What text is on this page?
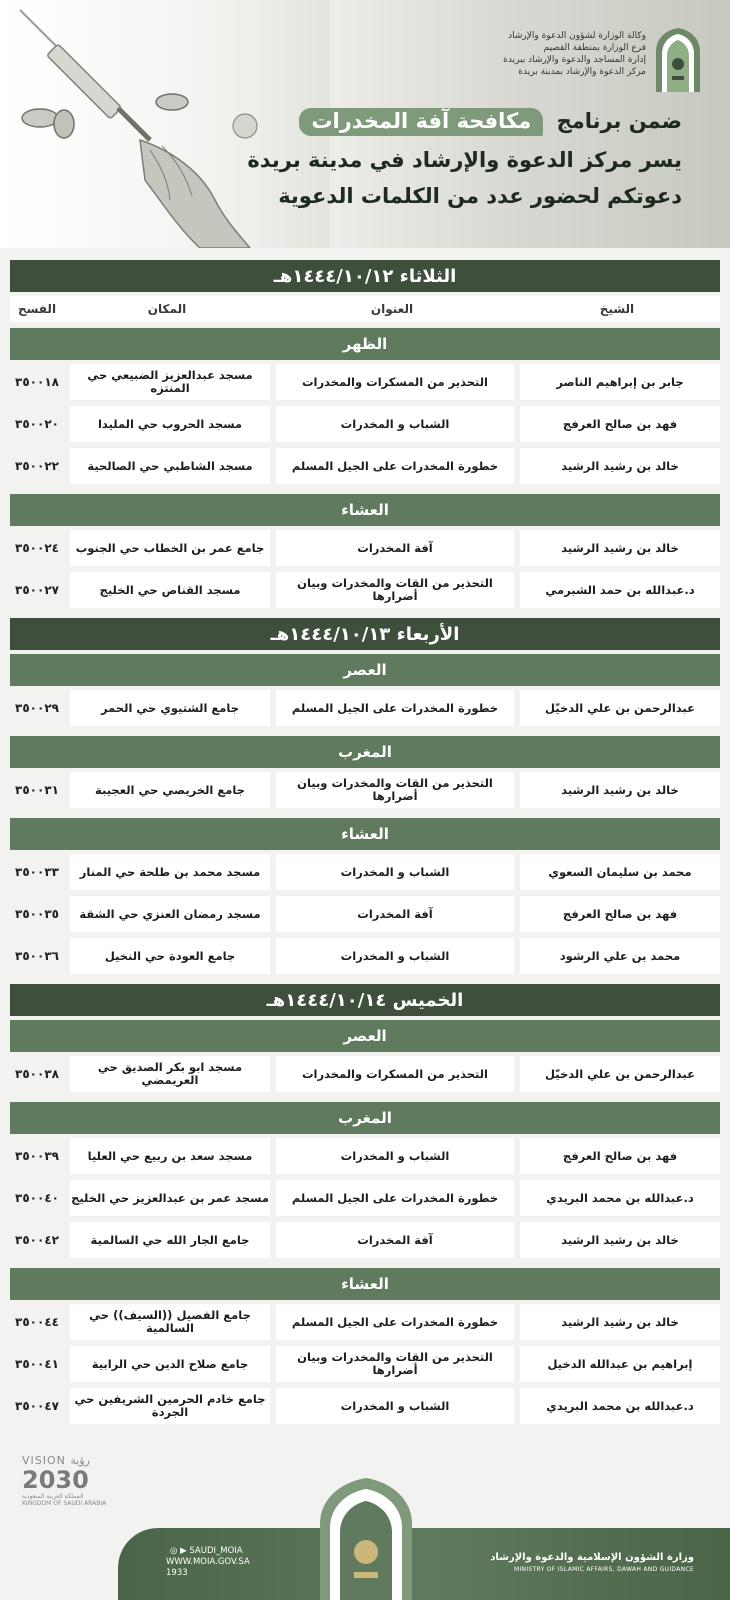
وكالة الوزارة لشؤون الدعوة والإرشاد
فرع الوزارة بمنطقة القصيم
إدارة المساجد والدعوة والإرشاد ببريدة
مركز الدعوة والإرشاد بمدينة بريدة
ضمن برنامج مكافحة آفة المخدرات
يسر مركز الدعوة والإرشاد في مدينة بريدة
دعوتكم لحضور عدد من الكلمات الدعوية
الثلاثاء ١٤٤٤/١٠/١٢هـ
الشيخ
العنوان
المكان
الفسح
الظهر
جابر بن إبراهيم الناصر
التحذير من المسكرات والمخدرات
مسجد عبدالعزيز الضبيعي حي المنتزه
٣٥٠٠١٨
فهد بن صالح العرفج
الشباب و المخدرات
مسجد الحروب حي المليدا
٣٥٠٠٢٠
خالد بن رشيد الرشيد
خطورة المخدرات على الجيل المسلم
مسجد الشاطبي حي الصالحية
٣٥٠٠٢٢
العشاء
خالد بن رشيد الرشيد
آفة المخدرات
جامع عمر بن الخطاب حي الجنوب
٣٥٠٠٢٤
د.عبدالله بن حمد الشبرمي
التحذير من القات والمخدرات وبيان أضرارها
مسجد القناص حي الخليج
٣٥٠٠٢٧
الأربعاء ١٤٤٤/١٠/١٣هـ
العصر
عبدالرحمن بن علي الدخيّل
خطورة المخدرات على الجيل المسلم
جامع الشتيوي حي الحمر
٣٥٠٠٢٩
المغرب
خالد بن رشيد الرشيد
التحذير من القات والمخدرات وبيان أضرارها
جامع الخريصي حي العجيبة
٣٥٠٠٣١
العشاء
محمد بن سليمان السعوي
الشباب و المخدرات
مسجد محمد بن طلحة حي المنار
٣٥٠٠٣٣
فهد بن صالح العرفج
آفة المخدرات
مسجد رمضان العنزي حي الشقة
٣٥٠٠٣٥
محمد بن علي الرشود
الشباب و المخدرات
جامع العودة حي النخيل
٣٥٠٠٣٦
الخميس ١٤٤٤/١٠/١٤هـ
العصر
عبدالرحمن بن علي الدخيّل
التحذير من المسكرات والمخدرات
مسجد ابو بكر الصديق حي العريمضي
٣٥٠٠٣٨
المغرب
فهد بن صالح العرفج
الشباب و المخدرات
مسجد سعد بن ربيع حي العليا
٣٥٠٠٣٩
د.عبدالله بن محمد البريدي
خطورة المخدرات على الجيل المسلم
مسجد عمر بن عبدالعزيز حي الخليج
٣٥٠٠٤٠
خالد بن رشيد الرشيد
آفة المخدرات
جامع الجار الله حي السالمية
٣٥٠٠٤٢
العشاء
خالد بن رشيد الرشيد
خطورة المخدرات على الجيل المسلم
جامع الفصيل ((السيف)) حي السالمية
٣٥٠٠٤٤
إبراهيم بن عبدالله الدخيل
التحذير من القات والمخدرات وبيان أضرارها
جامع صلاح الدين حي الرابية
٣٥٠٠٤١
د.عبدالله بن محمد البريدي
الشباب و المخدرات
جامع خادم الحرمين الشريفين حي الجردة
٣٥٠٠٤٧
VISION رؤية
2030
المملكة العربية السعودية KINGDOM OF SAUDI ARABIA
◎ ▶ SAUDI_MOIA
WWW.MOIA.GOV.SA
1933
وزارة الشؤون الإسلامية والدعوة والإرشاد
MINISTRY OF ISLAMIC AFFAIRS, DAWAH AND GUIDANCE
